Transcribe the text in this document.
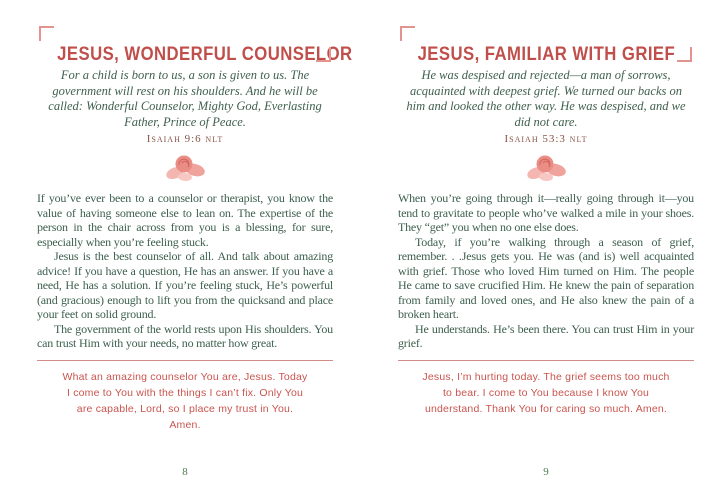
JESUS, WONDERFUL COUNSELOR
For a child is born to us, a son is given to us. The government will rest on his shoulders. And he will be called: Wonderful Counselor, Mighty God, Everlasting Father, Prince of Peace.
Isaiah 9:6 nlt

If you’ve ever been to a counselor or therapist, you know the value of having someone else to lean on. The expertise of the person in the chair across from you is a blessing, for sure, especially when you’re feeling stuck.

Jesus is the best counselor of all. And talk about amazing advice! If you have a question, He has an answer. If you have a need, He has a solution. If you’re feeling stuck, He’s powerful (and gracious) enough to lift you from the quicksand and place your feet on solid ground.

The government of the world rests upon His shoulders. You can trust Him with your needs, no matter how great.

What an amazing counselor You are, Jesus. Today I come to You with the things I can’t fix. Only You are capable, Lord, so I place my trust in You. Amen.
8
JESUS, FAMILIAR WITH GRIEF
He was despised and rejected—a man of sorrows, acquainted with deepest grief. We turned our backs on him and looked the other way. He was despised, and we did not care.
Isaiah 53:3 nlt

When you’re going through it—really going through it—you tend to gravitate to people who’ve walked a mile in your shoes. They “get” you when no one else does.

Today, if you’re walking through a season of grief, remember. . .Jesus gets you. He was (and is) well acquainted with grief. Those who loved Him turned on Him. The people He came to save crucified Him. He knew the pain of separation from family and loved ones, and He also knew the pain of a broken heart.

He understands. He’s been there. You can trust Him in your grief.

Jesus, I’m hurting today. The grief seems too much to bear. I come to You because I know You understand. Thank You for caring so much. Amen.
9
